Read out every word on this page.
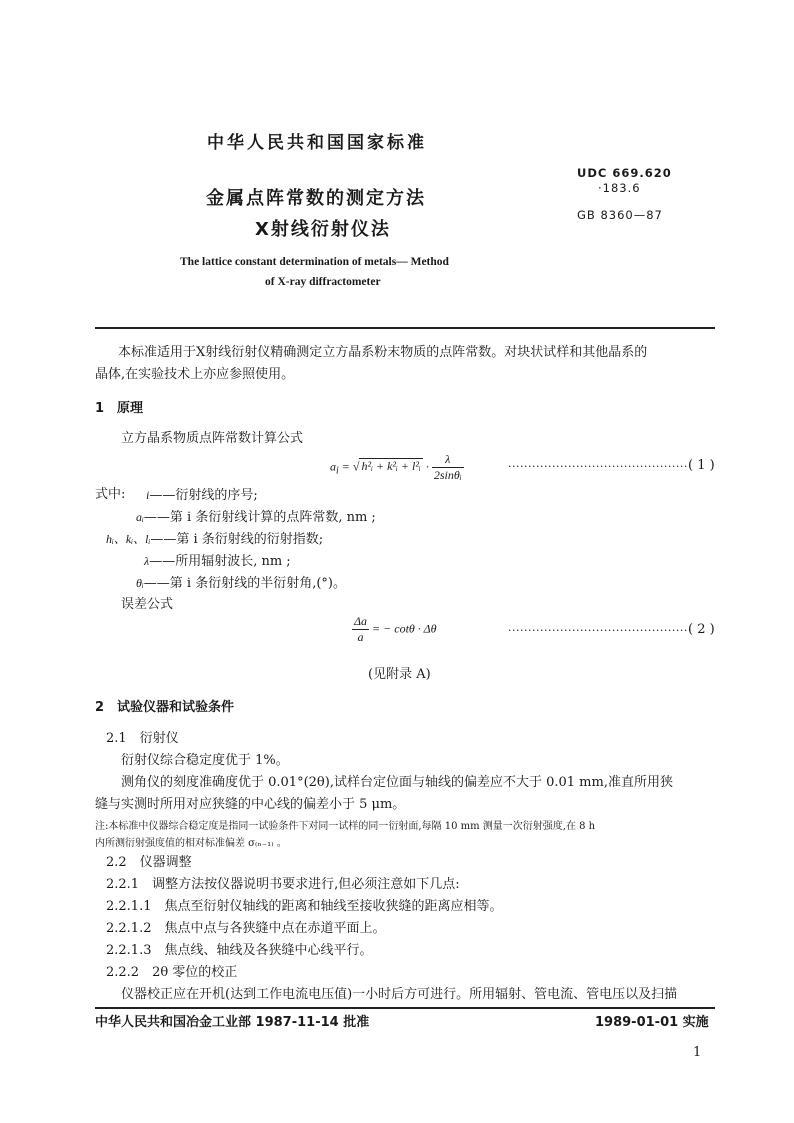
中华人民共和国国家标准
金属点阵常数的测定方法
X射线衍射仪法
The lattice constant determination of metals— Method
of X-ray diffractometer
UDC 669.620
·183.6
GB 8360—87
本标准适用于X射线衍射仪精确测定立方晶系粉末物质的点阵常数。对块状试样和其他晶系的
晶体,在实验技术上亦应参照使用。
1　原理
立方晶系物质点阵常数计算公式
$a_i$ = √ h²ᵢ + k²ᵢ + l²ᵢ · $\frac{\lambda}{\text{2sinθᵢ}}$	··············································
( 1 )
式中: i——衍射线的序号;
aᵢ——第 i 条衍射线计算的点阵常数, nm ;
hᵢ、kᵢ、lᵢ——第 i 条衍射线的衍射指数;
λ——所用辐射波长, nm ;
θᵢ——第 i 条衍射线的半衍射角,(°)。
误差公式
$\frac{\Delta a}{a}$ = − cotθ · Δθ	··············································
( 2 )
(见附录 A)
2　试验仪器和试验条件
2.1　衍射仪
衍射仪综合稳定度优于 1%。
测角仪的刻度准确度优于 0.01°(2θ),试样台定位面与轴线的偏差应不大于 0.01 mm,准直所用狭
缝与实测时所用对应狭缝的中心线的偏差小于 5 μm。
注:本标准中仪器综合稳定度是指同一试验条件下对同一试样的同一衍射面,每隔 10 mm 测量一次衍射强度,在 8 h
内所测衍射强度值的相对标准偏差 σ₍ₙ₋₁₎ 。
2.2　仪器调整
2.2.1　调整方法按仪器说明书要求进行,但必须注意如下几点:
2.2.1.1　焦点至衍射仪轴线的距离和轴线至接收狭缝的距离应相等。
2.2.1.2　焦点中点与各狭缝中点在赤道平面上。
2.2.1.3　焦点线、轴线及各狭缝中心线平行。
2.2.2　2θ 零位的校正
仪器校正应在开机(达到工作电流电压值)一小时后方可进行。所用辐射、管电流、管电压以及扫描
中华人民共和国冶金工业部 1987-11-14 批准	1989-01-01 实施
1
